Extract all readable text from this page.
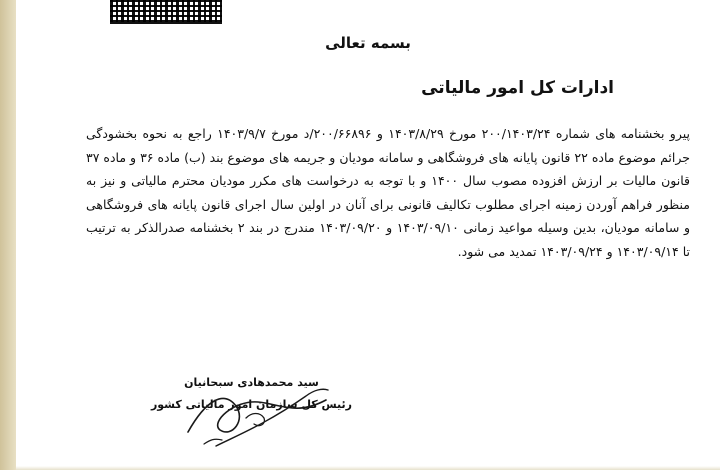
بسمه تعالی
ادارات کل امور مالیاتی

پیرو بخشنامه های شماره ۲۰۰/۱۴۰۳/۲۴ مورخ ۱۴۰۳/۸/۲۹ و ۲۰۰/۶۶۸۹۶/د مورخ ۱۴۰۳/۹/۷ راجع به نحوه بخشودگی جرائم موضوع ماده ۲۲ قانون پایانه های فروشگاهی و سامانه مودیان و جریمه های موضوع بند (ب) ماده ۳۶ و ماده ۳۷ قانون مالیات بر ارزش افزوده مصوب سال ۱۴۰۰ و با توجه به درخواست های مکرر مودیان محترم مالیاتی و نیز به منظور فراهم آوردن زمینه اجرای مطلوب تکالیف قانونی برای آنان در اولین سال اجرای قانون پایانه های فروشگاهی و سامانه مودیان، بدین وسیله مواعید زمانی ۱۴۰۳/۰۹/۱۰ و ۱۴۰۳/۰۹/۲۰ مندرج در بند ۲ بخشنامه صدرالذکر به ترتیب تا ۱۴۰۳/۰۹/۱۴ و ۱۴۰۳/۰۹/۲۴ تمدید می شود.

سید محمدهادی سبحانیان
رئیس کل سازمان امور مالیاتی کشور
